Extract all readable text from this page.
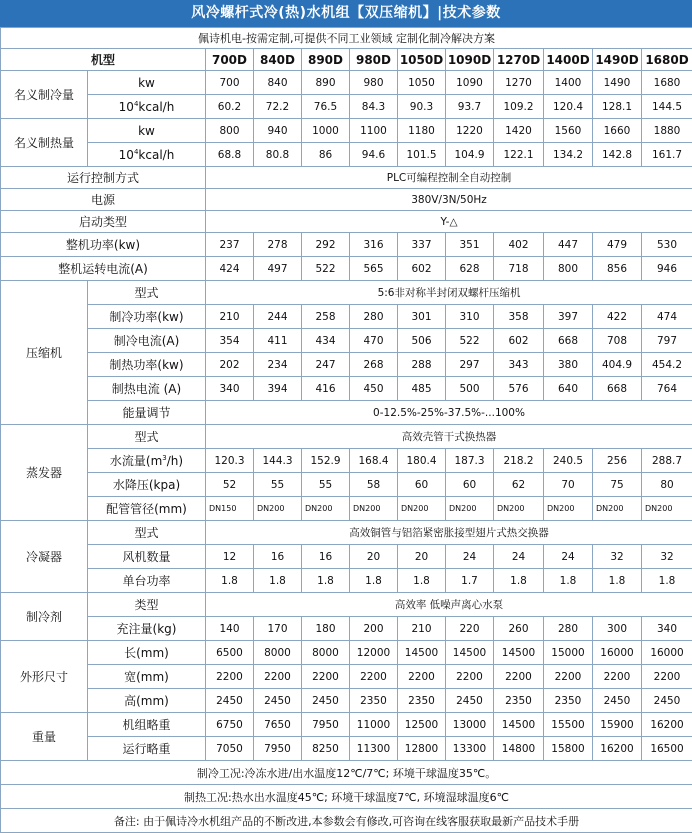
风冷螺杆式冷(热)水机组【双压缩机】|技术参数
佩诗机电-按需定制,可提供不同工业领域 定制化制冷解决方案											
机型		700D	840D	890D	980D	1050D	1090D	1270D	1400D	1490D	1680D
名义制冷量	kw	700	840	890	980	1050	1090	1270	1400	1490	1680
	$10^4kcal/h$	60.2	72.2	76.5	84.3	90.3	93.7	109.2	120.4	128.1	144.5
名义制热量	kw	800	940	1000	1100	1180	1220	1420	1560	1660	1880
	$10^4kcal/h$	68.8	80.8	86	94.6	101.5	104.9	122.1	134.2	142.8	161.7
运行控制方式		PLC可编程控制全自动控制									
电源		380V/3N/50Hz									
启动类型		Y-△									
整机功率(kw)		237	278	292	316	337	351	402	447	479	530
整机运转电流(A)		424	497	522	565	602	628	718	800	856	946
压缩机	型式	5:6非对称半封闭双螺杆压缩机									
	制冷功率(kw)	210	244	258	280	301	310	358	397	422	474
	制冷电流(A)	354	411	434	470	506	522	602	668	708	797
	制热功率(kw)	202	234	247	268	288	297	343	380	404.9	454.2
	制热电流 (A)	340	394	416	450	485	500	576	640	668	764
	能量调节	0-12.5%-25%-37.5%-...100%									
蒸发器	型式	高效壳管干式换热器									
	水流量$(m^3/h)$	120.3	144.3	152.9	168.4	180.4	187.3	218.2	240.5	256	288.7
	水降压(kpa)	52	55	55	58	60	60	62	70	75	80
	配管管径(mm)	DN150	DN200	DN200	DN200	DN200	DN200	DN200	DN200	DN200	DN200
冷凝器	型式	高效铜管与铝箔紧密胀接型翅片式热交换器									
	风机数量	12	16	16	20	20	24	24	24	32	32
	单台功率	1.8	1.8	1.8	1.8	1.8	1.7	1.8	1.8	1.8	1.8
制冷剂	类型	高效率 低噪声离心水泵									
	充注量(kg)	140	170	180	200	210	220	260	280	300	340
外形尺寸	长(mm)	6500	8000	8000	12000	14500	14500	14500	15000	16000	16000
	宽(mm)	2200	2200	2200	2200	2200	2200	2200	2200	2200	2200
	高(mm)	2450	2450	2450	2350	2350	2450	2350	2350	2450	2450
重量	机组略重	6750	7650	7950	11000	12500	13000	14500	15500	15900	16200
	运行略重	7050	7950	8250	11300	12800	13300	14800	15800	16200	16500
制冷工况:冷冻水进/出水温度12℃/7℃; 环境干球温度35℃。											
制热工况:热水出水温度45℃; 环境干球温度7℃, 环境湿球温度6℃											
备注: 由于佩诗冷水机组产品的不断改进,本参数会有修改,可咨询在线客服获取最新产品技术手册											
